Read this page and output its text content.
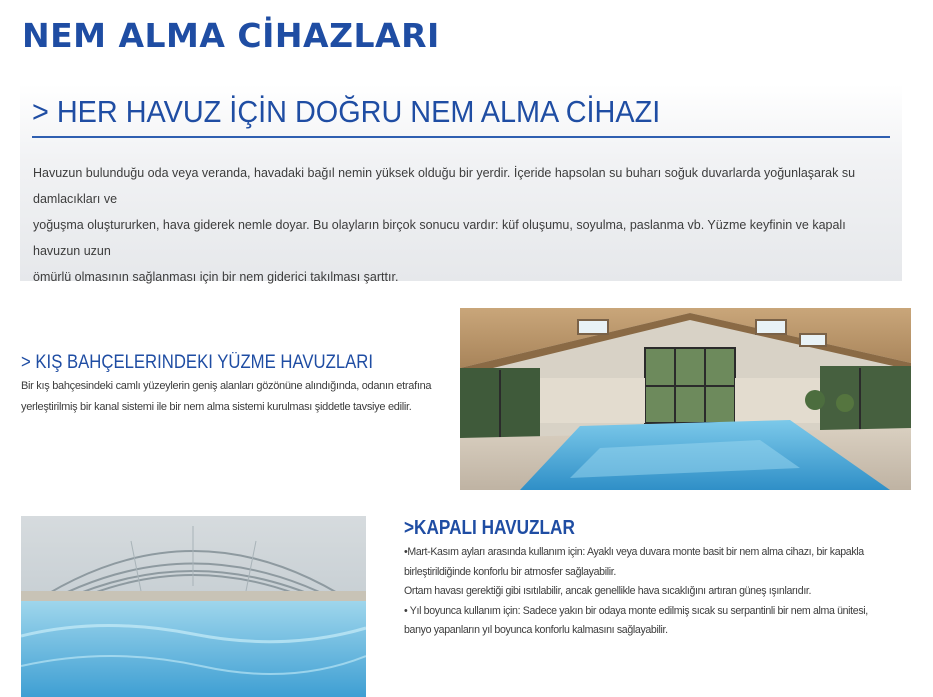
NEM ALMA CİHAZLARI
> HER HAVUZ İÇİN DOĞRU NEM ALMA CİHAZI
Havuzun bulunduğu oda veya veranda, havadaki bağıl nemin yüksek olduğu bir yerdir. İçeride hapsolan su buharı soğuk duvarlarda yoğunlaşarak su damlacıkları ve
yoğuşma oluştururken, hava giderek nemle doyar. Bu olayların birçok sonucu vardır: küf oluşumu, soyulma, paslanma vb. Yüzme keyfinin ve kapalı havuzun uzun
ömürlü olmasının sağlanması için bir nem giderici takılması şarttır.
> KIŞ BAHÇELERINDEKI YÜZME HAVUZLARI
Bir kış bahçesindeki camlı yüzeylerin geniş alanları gözönüne alındığında, odanın etrafına
yerleştirilmiş bir kanal sistemi ile bir nem alma sistemi kurulması şiddetle tavsiye edilir.
>KAPALI HAVUZLAR
•Mart-Kasım ayları arasında kullanım için: Ayaklı veya duvara monte basit bir nem alma cihazı, bir kapakla
birleştirildiğinde konforlu bir atmosfer sağlayabilir.
Ortam havası gerektiği gibi ısıtılabilir, ancak genellikle hava sıcaklığını artıran güneş ışınlarıdır.
• Yıl boyunca kullanım için: Sadece yakın bir odaya monte edilmiş sıcak su serpantinli bir nem alma ünitesi,
banyo yapanların yıl boyunca konforlu kalmasını sağlayabilir.
